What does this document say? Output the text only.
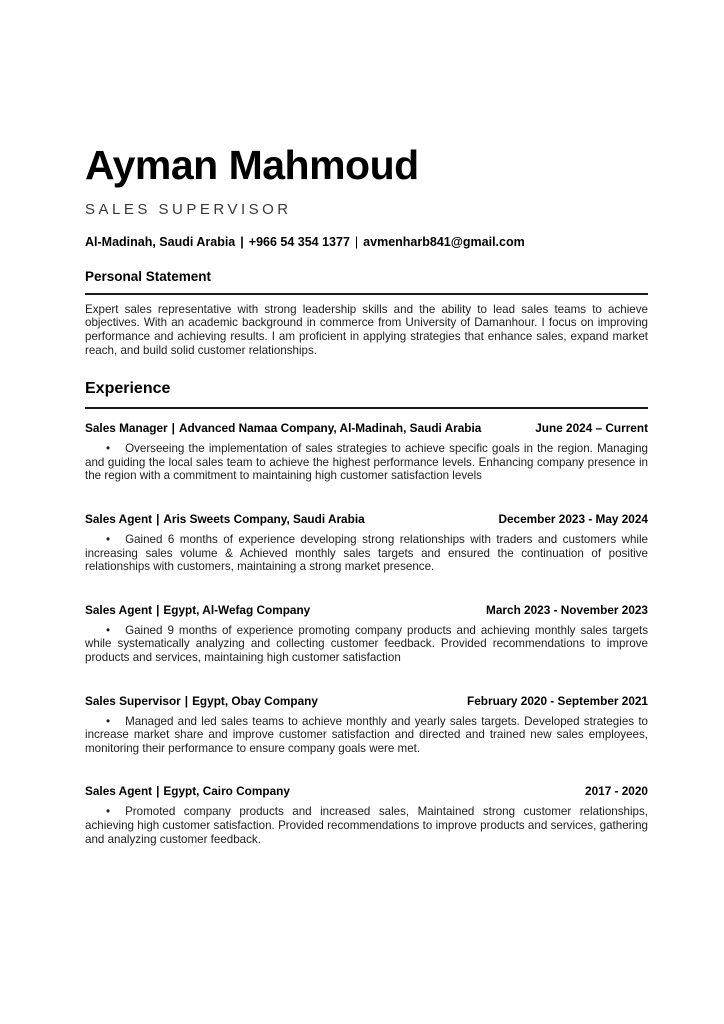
Ayman Mahmoud
SALES SUPERVISOR
Al-Madinah, Saudi Arabia | +966 54 354 1377 | avmenharb841@gmail.com
Personal Statement

Expert sales representative with strong leadership skills and the ability to lead sales teams to achieve objectives. With an academic background in commerce from University of Damanhour. I focus on improving performance and achieving results. I am proficient in applying strategies that enhance sales, expand market reach, and build solid customer relationships.

Experience
Sales Manager | Advanced Namaa Company, Al-Madinah, Saudi Arabia	June 2024 – Current

• Overseeing the implementation of sales strategies to achieve specific goals in the region. Managing and guiding the local sales team to achieve the highest performance levels. Enhancing company presence in the region with a commitment to maintaining high customer satisfaction levels

Sales Agent | Aris Sweets Company, Saudi Arabia	December 2023 - May 2024

• Gained 6 months of experience developing strong relationships with traders and customers while increasing sales volume & Achieved monthly sales targets and ensured the continuation of positive relationships with customers, maintaining a strong market presence.

Sales Agent | Egypt, Al-Wefag Company	March 2023 - November 2023

• Gained 9 months of experience promoting company products and achieving monthly sales targets while systematically analyzing and collecting customer feedback. Provided recommendations to improve products and services, maintaining high customer satisfaction

Sales Supervisor | Egypt, Obay Company	February 2020 - September 2021

• Managed and led sales teams to achieve monthly and yearly sales targets. Developed strategies to increase market share and improve customer satisfaction and directed and trained new sales employees, monitoring their performance to ensure company goals were met.

Sales Agent | Egypt, Cairo Company	2017 - 2020

• Promoted company products and increased sales, Maintained strong customer relationships, achieving high customer satisfaction. Provided recommendations to improve products and services, gathering and analyzing customer feedback.
